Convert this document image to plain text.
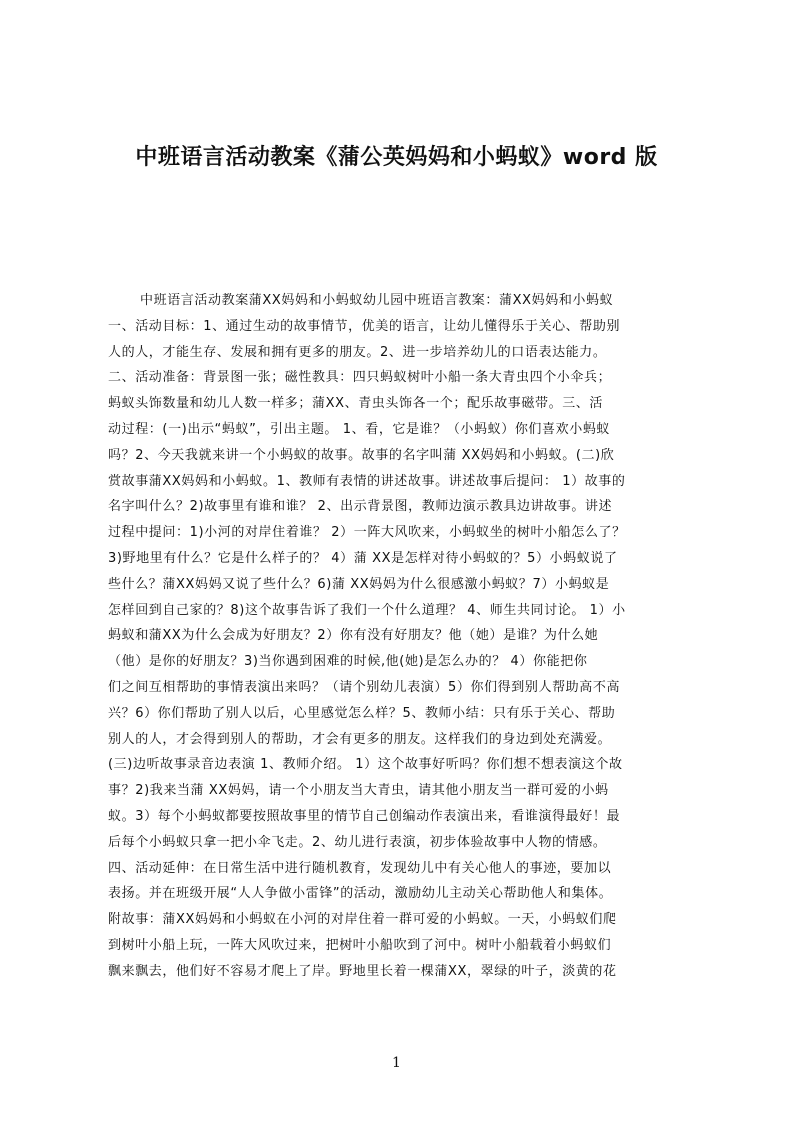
中班语言活动教案《蒲公英妈妈和小蚂蚁》word 版
中班语言活动教案蒲XX妈妈和小蚂蚁幼儿园中班语言教案：蒲XX妈妈和小蚂蚁
一、活动目标：1、通过生动的故事情节，优美的语言，让幼儿懂得乐于关心、帮助别
人的人，才能生存、发展和拥有更多的朋友。2、进一步培养幼儿的口语表达能力。
二、活动准备：背景图一张；磁性教具：四只蚂蚁树叶小船一条大青虫四个小伞兵；
蚂蚁头饰数量和幼儿人数一样多；蒲XX、青虫头饰各一个；配乐故事磁带。三、活
动过程：(一)出示“蚂蚁”，引出主题。 1、看，它是谁？（小蚂蚁）你们喜欢小蚂蚁
吗？2、今天我就来讲一个小蚂蚁的故事。故事的名字叫蒲 XX妈妈和小蚂蚁。(二)欣
赏故事蒲XX妈妈和小蚂蚁。1、教师有表情的讲述故事。讲述故事后提问： 1）故事的
名字叫什么？2)故事里有谁和谁？ 2、出示背景图，教师边演示教具边讲故事。讲述
过程中提问：1)小河的对岸住着谁？ 2）一阵大风吹来，小蚂蚁坐的树叶小船怎么了？
3)野地里有什么？它是什么样子的？ 4）蒲 XX是怎样对待小蚂蚁的？5）小蚂蚁说了
些什么？蒲XX妈妈又说了些什么？6)蒲 XX妈妈为什么很感激小蚂蚁？7）小蚂蚁是
怎样回到自己家的？8)这个故事告诉了我们一个什么道理？ 4、师生共同讨论。 1）小
蚂蚁和蒲XX为什么会成为好朋友？2）你有没有好朋友？他（她）是谁？为什么她
（他）是你的好朋友？3)当你遇到困难的时候,他(她)是怎么办的？ 4）你能把你
们之间互相帮助的事情表演出来吗？（请个别幼儿表演）5）你们得到别人帮助高不高
兴？6）你们帮助了别人以后，心里感觉怎么样？5、教师小结：只有乐于关心、帮助
别人的人，才会得到别人的帮助，才会有更多的朋友。这样我们的身边到处充满爱。
(三)边听故事录音边表演 1、教师介绍。 1）这个故事好听吗？你们想不想表演这个故
事？2)我来当蒲 XX妈妈，请一个小朋友当大青虫，请其他小朋友当一群可爱的小蚂
蚁。3）每个小蚂蚁都要按照故事里的情节自己创编动作表演出来，看谁演得最好！最
后每个小蚂蚁只拿一把小伞飞走。2、幼儿进行表演，初步体验故事中人物的情感。
四、活动延伸：在日常生活中进行随机教育，发现幼儿中有关心他人的事迹，要加以
表扬。并在班级开展“人人争做小雷锋”的活动，激励幼儿主动关心帮助他人和集体。
附故事：蒲XX妈妈和小蚂蚁在小河的对岸住着一群可爱的小蚂蚁。一天，小蚂蚁们爬
到树叶小船上玩，一阵大风吹过来，把树叶小船吹到了河中。树叶小船载着小蚂蚁们
飘来飘去，他们好不容易才爬上了岸。野地里长着一棵蒲XX，翠绿的叶子，淡黄的花
1
